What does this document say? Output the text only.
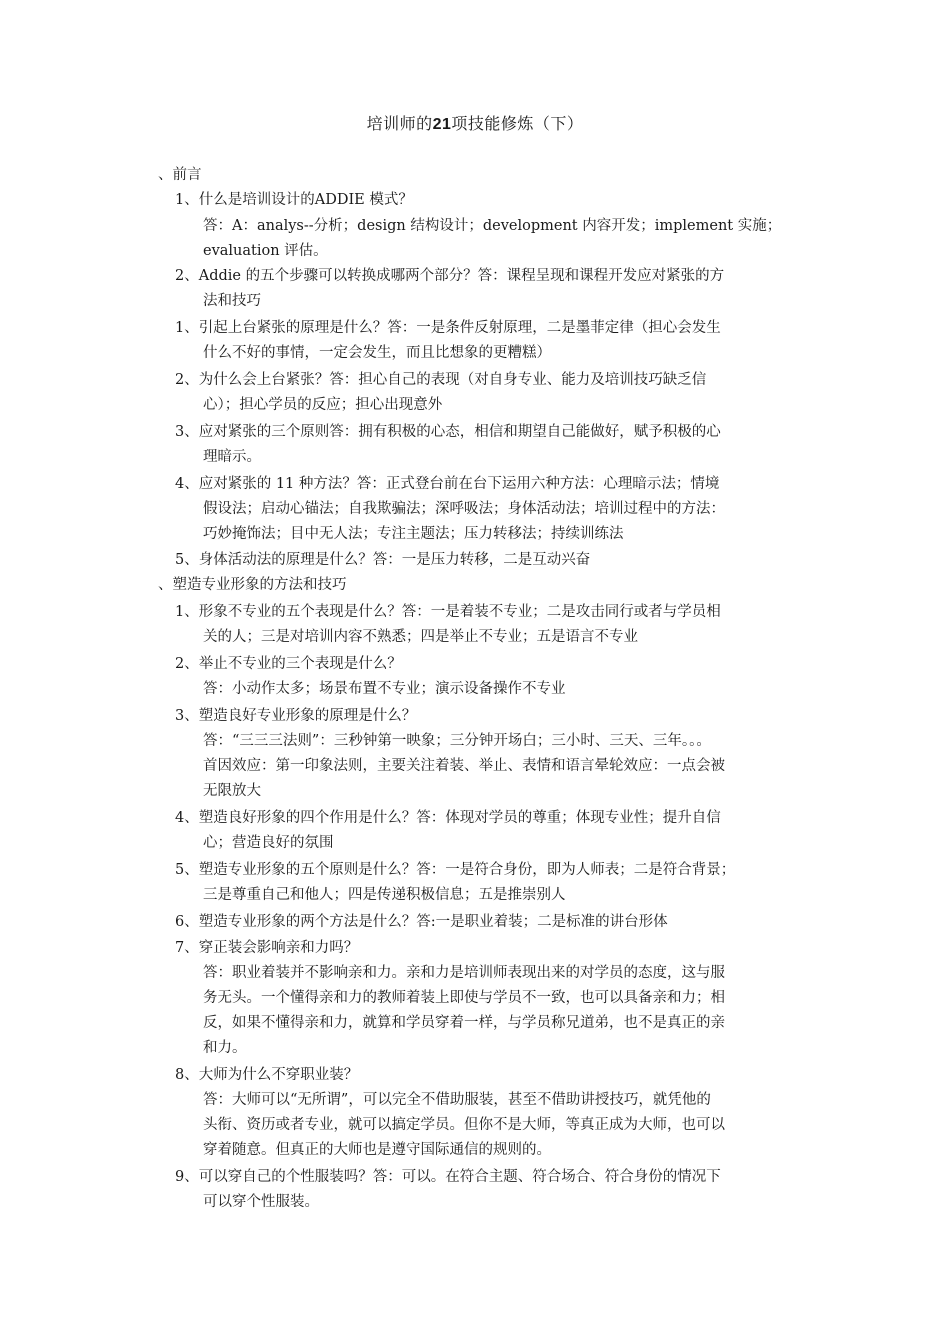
培训师的21项技能修炼（下）
、前言
1、什么是培训设计的ADDIE 模式？
答：A：analys--分析；design 结构设计；development 内容开发；implement 实施；
evaluation 评估。
2、Addie 的五个步骤可以转换成哪两个部分？答：课程呈现和课程开发应对紧张的方
法和技巧
1、引起上台紧张的原理是什么？答：一是条件反射原理，二是墨菲定律（担心会发生
什么不好的事情，一定会发生，而且比想象的更糟糕）
2、为什么会上台紧张？答：担心自己的表现（对自身专业、能力及培训技巧缺乏信
心）；担心学员的反应；担心出现意外
3、应对紧张的三个原则答：拥有积极的心态，相信和期望自己能做好，赋予积极的心
理暗示。
4、应对紧张的 11 种方法？答：正式登台前在台下运用六种方法：心理暗示法；情境
假设法；启动心锚法；自我欺骗法；深呼吸法；身体活动法；培训过程中的方法：
巧妙掩饰法；目中无人法；专注主题法；压力转移法；持续训练法
5、身体活动法的原理是什么？答：一是压力转移，二是互动兴奋
、塑造专业形象的方法和技巧
1、形象不专业的五个表现是什么？答：一是着装不专业；二是攻击同行或者与学员相
关的人；三是对培训内容不熟悉；四是举止不专业；五是语言不专业
2、举止不专业的三个表现是什么？
答：小动作太多；场景布置不专业；演示设备操作不专业
3、塑造良好专业形象的原理是什么？
答：“三三三法则”：三秒钟第一映象；三分钟开场白；三小时、三天、三年。。。
首因效应：第一印象法则，主要关注着装、举止、表情和语言晕轮效应：一点会被
无限放大
4、塑造良好形象的四个作用是什么？答：体现对学员的尊重；体现专业性；提升自信
心；营造良好的氛围
5、塑造专业形象的五个原则是什么？答：一是符合身份，即为人师表；二是符合背景；
三是尊重自己和他人；四是传递积极信息；五是推崇别人
6、塑造专业形象的两个方法是什么？答:一是职业着装；二是标准的讲台形体
7、穿正装会影响亲和力吗？
答：职业着装并不影响亲和力。亲和力是培训师表现出来的对学员的态度，这与服
务无头。一个懂得亲和力的教师着装上即使与学员不一致，也可以具备亲和力；相
反，如果不懂得亲和力，就算和学员穿着一样，与学员称兄道弟，也不是真正的亲
和力。
8、大师为什么不穿职业装？
答：大师可以“无所谓”，可以完全不借助服装，甚至不借助讲授技巧，就凭他的
头衔、资历或者专业，就可以搞定学员。但你不是大师，等真正成为大师，也可以
穿着随意。但真正的大师也是遵守国际通信的规则的。
9、可以穿自己的个性服装吗？答：可以。在符合主题、符合场合、符合身份的情况下
可以穿个性服装。
